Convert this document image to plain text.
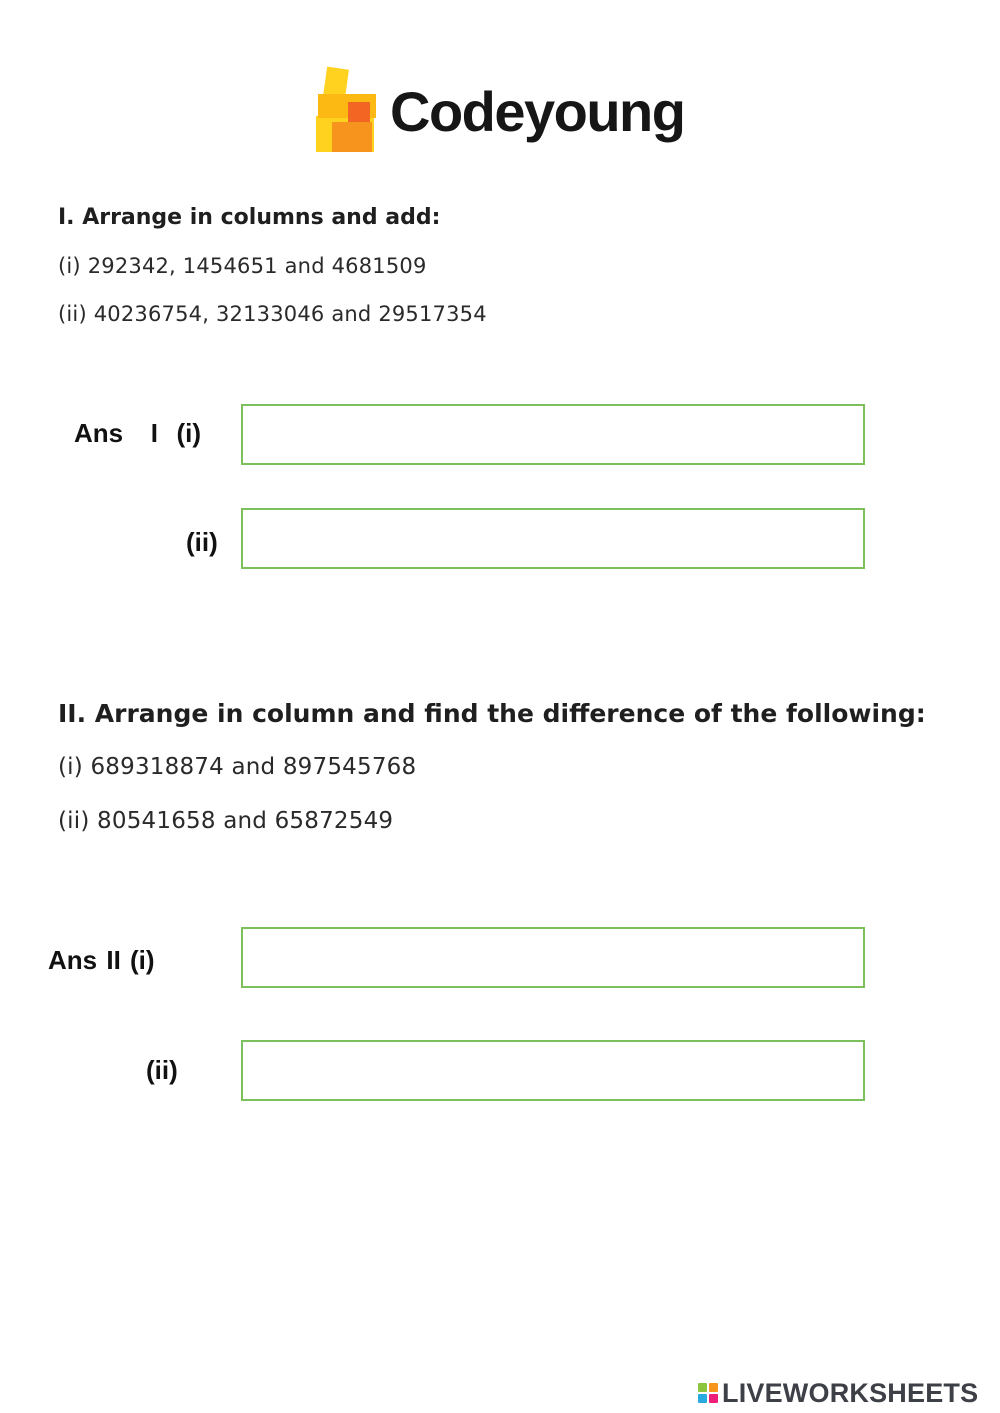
Codeyoung
I. Arrange in columns and add:
(i) 292342, 1454651 and 4681509
(ii) 40236754, 32133046 and 29517354
Ans   I  (i)
(ii)
II. Arrange in column and find the difference of the following:
(i) 689318874 and 897545768
(ii) 80541658 and 65872549
Ans II (i)
(ii)
LIVEWORKSHEETS
